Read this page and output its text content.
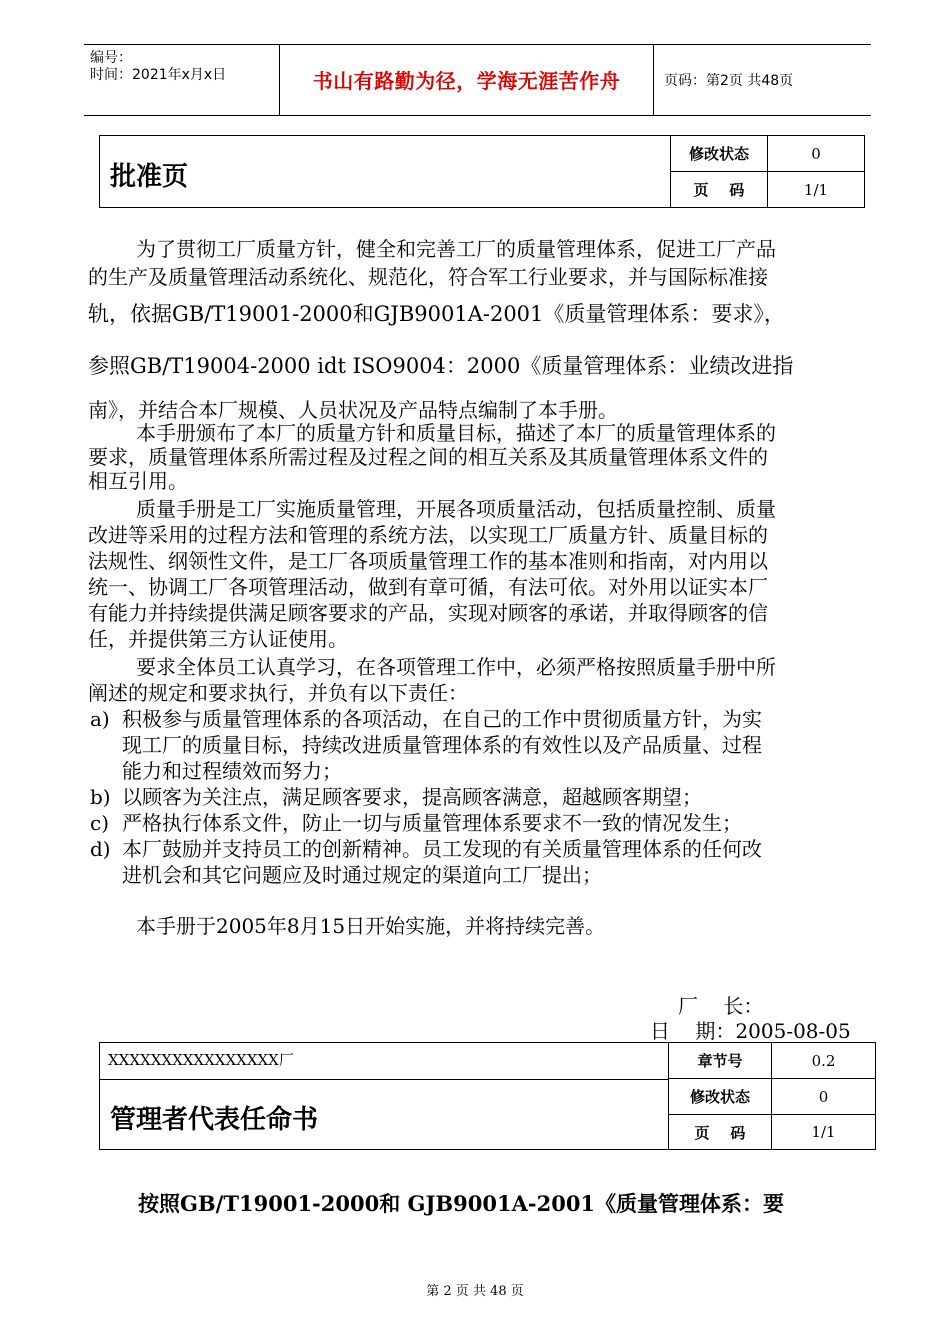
编号：
时间：2021年x月x日	书山有路勤为径，学海无涯苦作舟	页码：第2页 共48页
批准页
修改状态	0
页    码	1/1
为了贯彻工厂质量方针，健全和完善工厂的质量管理体系，促进工厂产品
的生产及质量管理活动系统化、规范化，符合军工行业要求，并与国际标准接
轨，依据GB/T19001-2000和GJB9001A-2001《质量管理体系：要求》，
参照GB/T19004-2000 idt ISO9004：2000《质量管理体系：业绩改进指
南》，并结合本厂规模、人员状况及产品特点编制了本手册。
本手册颁布了本厂的质量方针和质量目标，描述了本厂的质量管理体系的
要求，质量管理体系所需过程及过程之间的相互关系及其质量管理体系文件的
相互引用。
质量手册是工厂实施质量管理，开展各项质量活动，包括质量控制、质量
改进等采用的过程方法和管理的系统方法，以实现工厂质量方针、质量目标的
法规性、纲领性文件，是工厂各项质量管理工作的基本准则和指南，对内用以
统一、协调工厂各项管理活动，做到有章可循，有法可依。对外用以证实本厂
有能力并持续提供满足顾客要求的产品，实现对顾客的承诺，并取得顾客的信
任，并提供第三方认证使用。
要求全体员工认真学习，在各项管理工作中，必须严格按照质量手册中所
阐述的规定和要求执行，并负有以下责任：
a) 积极参与质量管理体系的各项活动，在自己的工作中贯彻质量方针，为实
现工厂的质量目标，持续改进质量管理体系的有效性以及产品质量、过程
能力和过程绩效而努力；
b) 以顾客为关注点，满足顾客要求，提高顾客满意，超越顾客期望；
c) 严格执行体系文件，防止一切与质量管理体系要求不一致的情况发生；
d) 本厂鼓励并支持员工的创新精神。员工发现的有关质量管理体系的任何改
进机会和其它问题应及时通过规定的渠道向工厂提出；
本手册于2005年8月15日开始实施，并将持续完善。
厂    长：
日    期：2005-08-05
XXXXXXXXXXXXXXXX厂
管理者代表任命书
章节号	0.2
修改状态	0
页    码	1/1
按照GB/T19001-2000和 GJB9001A-2001《质量管理体系：要
第 2 页 共 48 页
